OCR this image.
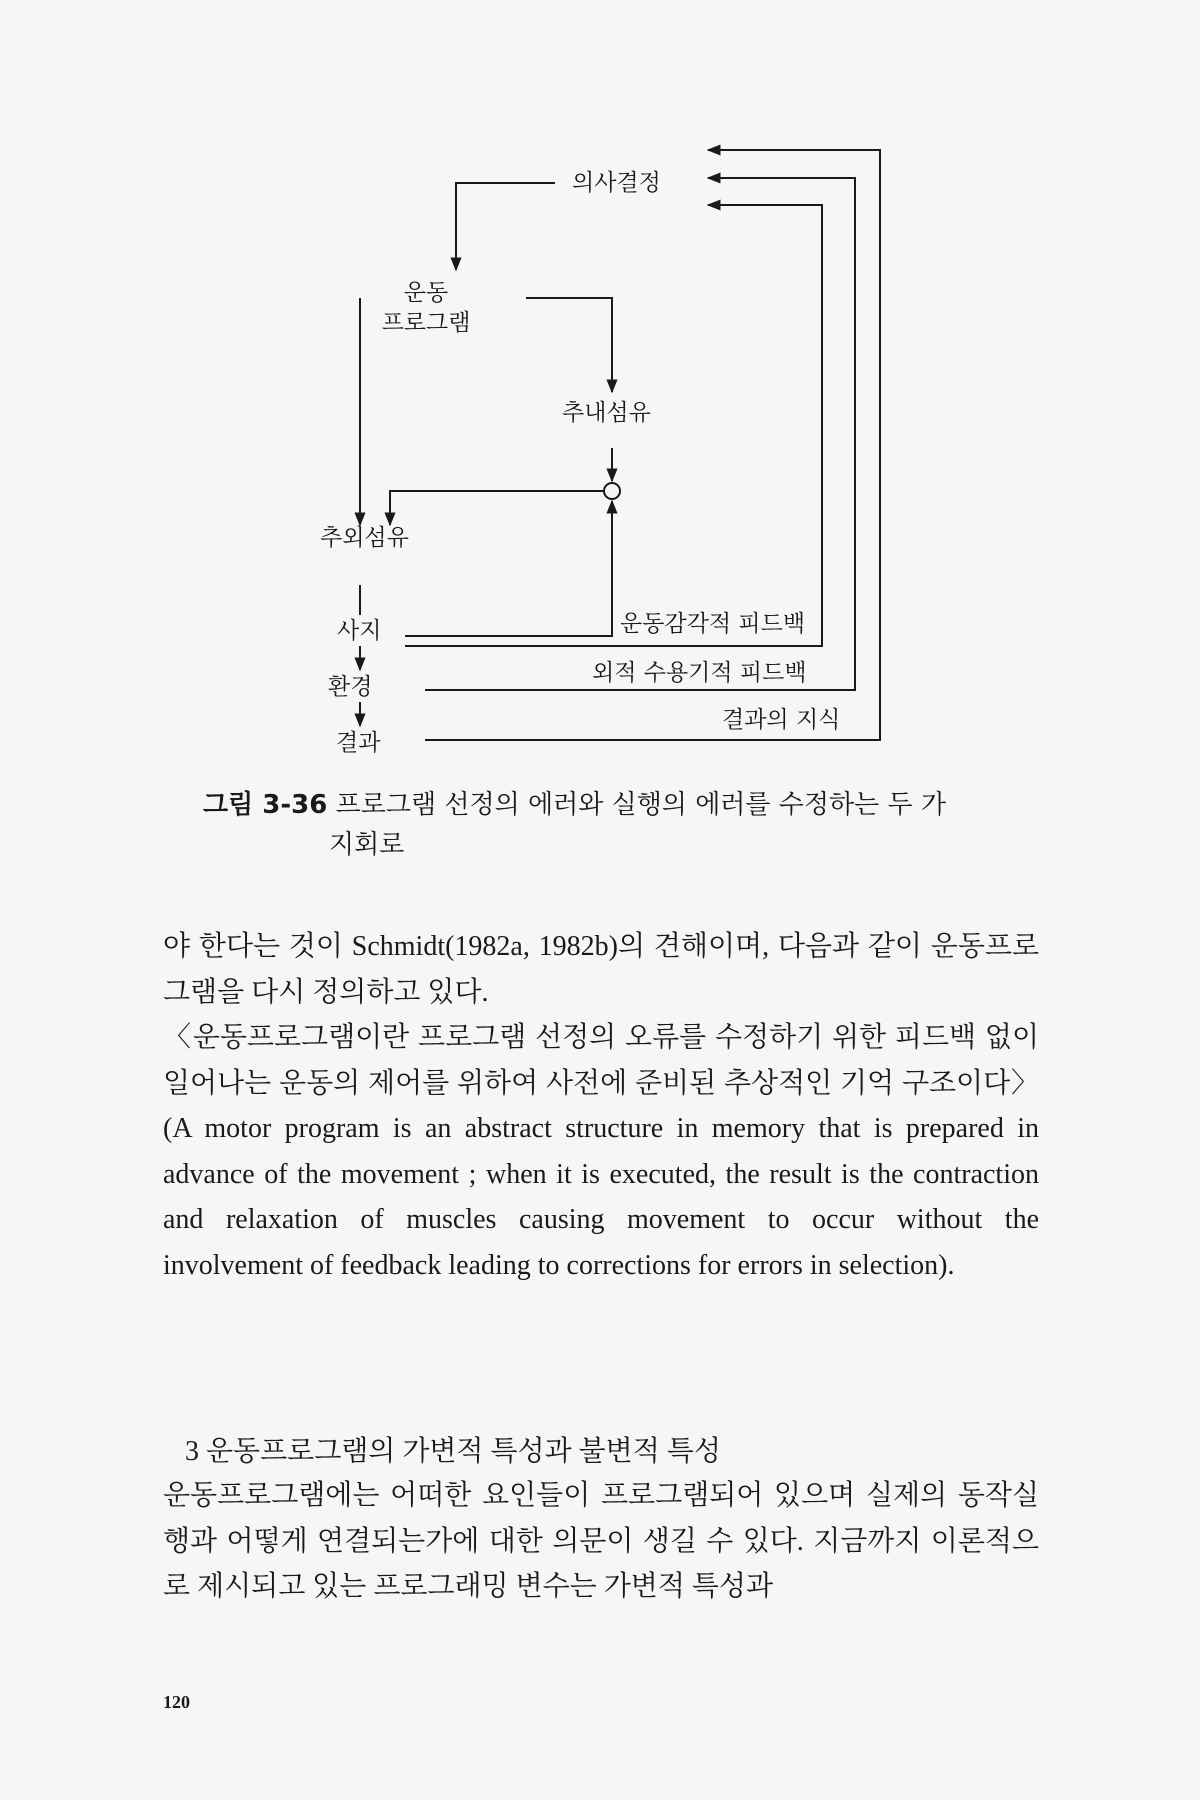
의사결정
운동
프로그램
추내섬유
추외섬유
사지
환경
결과
운동감각적 피드백
외적 수용기적 피드백
결과의 지식
그림 3-36 프로그램 선정의 에러와 실행의 에러를 수정하는 두 가
지회로

야 한다는 것이 Schmidt(1982a, 1982b)의 견해이며, 다음과 같이 운동프로그램을 다시 정의하고 있다.

〈운동프로그램이란 프로그램 선정의 오류를 수정하기 위한 피드백 없이 일어나는 운동의 제어를 위하여 사전에 준비된 추상적인 기억 구조이다〉(A motor program is an abstract structure in memory that is prepared in advance of the movement ; when it is executed, the result is the contraction and relaxation of muscles causing movement to occur without the involvement of feedback leading to corrections for errors in selection).

3 운동프로그램의 가변적 특성과 불변적 특성

운동프로그램에는 어떠한 요인들이 프로그램되어 있으며 실제의 동작실행과 어떻게 연결되는가에 대한 의문이 생길 수 있다. 지금까지 이론적으로 제시되고 있는 프로그래밍 변수는 가변적 특성과

120
